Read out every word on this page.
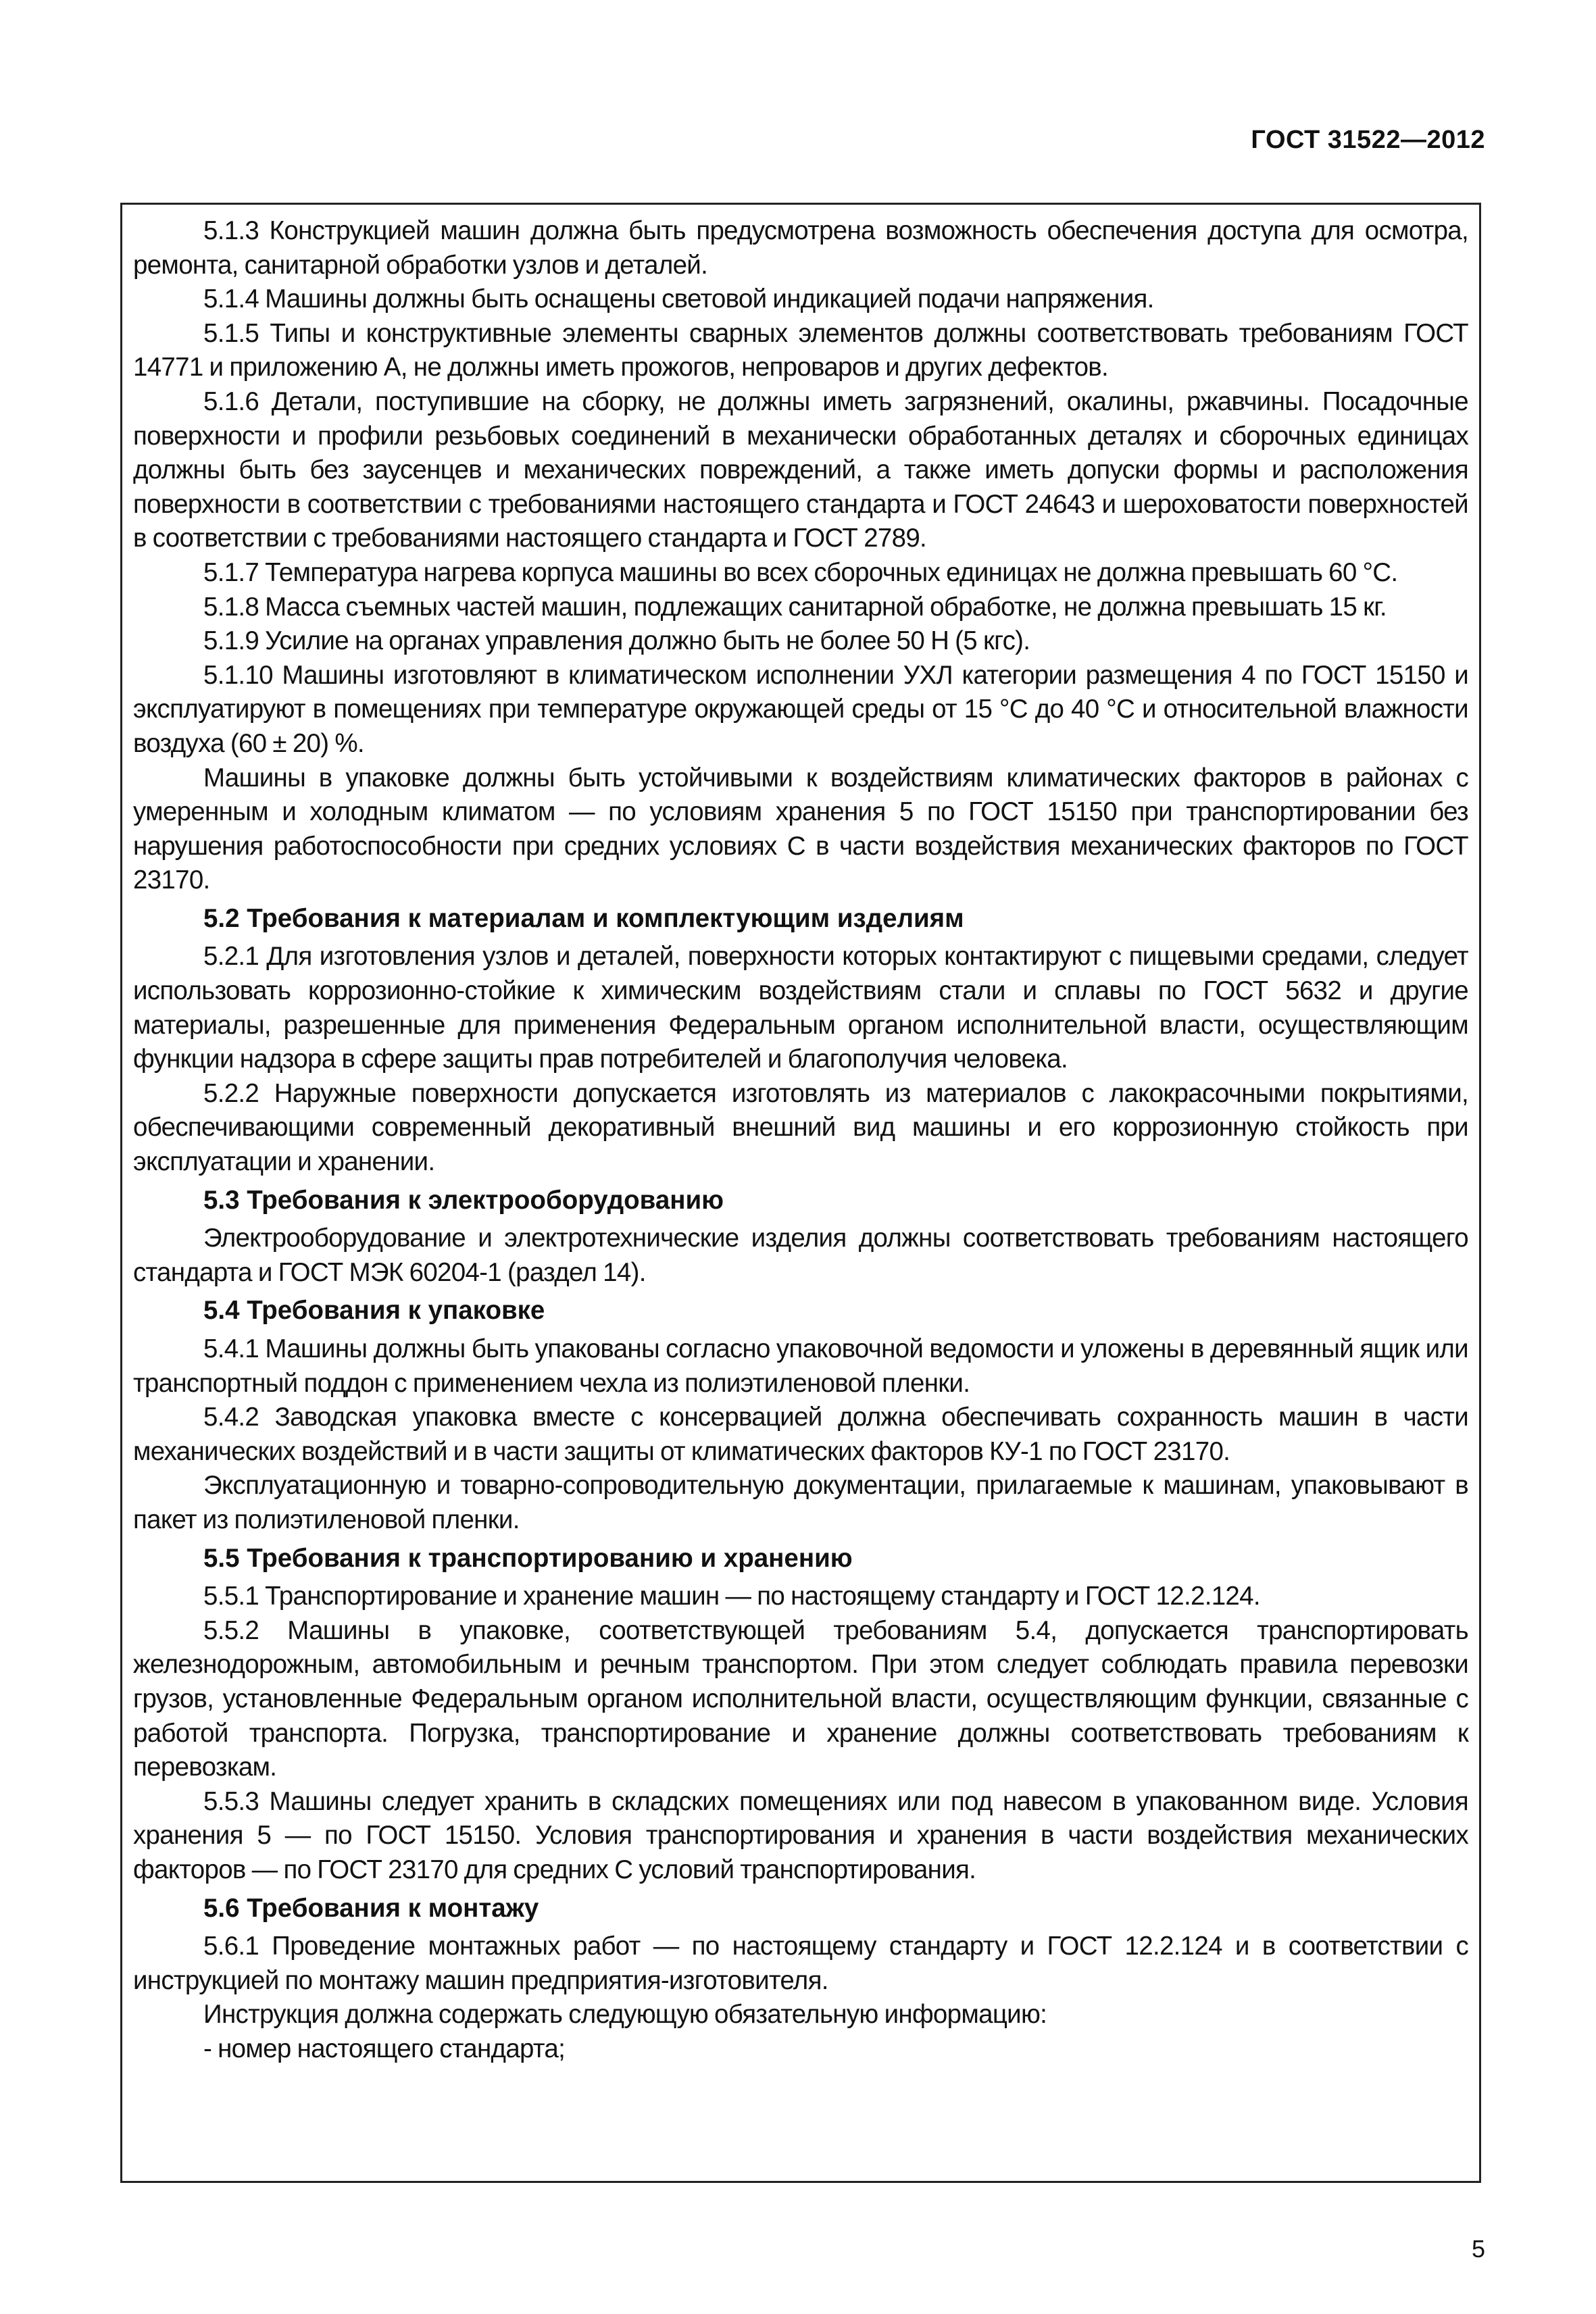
ГОСТ 31522—2012

5.1.3 Конструкцией машин должна быть предусмотрена возможность обеспечения доступа для осмотра, ремонта, санитарной обработки узлов и деталей.

5.1.4 Машины должны быть оснащены световой индикацией подачи напряжения.

5.1.5 Типы и конструктивные элементы сварных элементов должны соответствовать требованиям ГОСТ 14771 и приложению А, не должны иметь прожогов, непроваров и других дефектов.

5.1.6 Детали, поступившие на сборку, не должны иметь загрязнений, окалины, ржавчины. Посадочные поверхности и профили резьбовых соединений в механически обработанных деталях и сборочных единицах должны быть без заусенцев и механических повреждений, а также иметь допуски формы и расположения поверхности в соответствии с требованиями настоящего стандарта и ГОСТ 24643 и шероховатости поверхностей в соответствии с требованиями настоящего стандарта и ГОСТ 2789.

5.1.7 Температура нагрева корпуса машины во всех сборочных единицах не должна превышать 60 °С.

5.1.8 Масса съемных частей машин, подлежащих санитарной обработке, не должна превышать 15 кг.

5.1.9 Усилие на органах управления должно быть не более 50 Н (5 кгс).

5.1.10 Машины изготовляют в климатическом исполнении УХЛ категории размещения 4 по ГОСТ 15150 и эксплуатируют в помещениях при температуре окружающей среды от 15 °С до 40 °С и относительной влажности воздуха (60 ± 20) %.

Машины в упаковке должны быть устойчивыми к воздействиям климатических факторов в районах с умеренным и холодным климатом — по условиям хранения 5 по ГОСТ 15150 при транспортировании без нарушения работоспособности при средних условиях С в части воздействия механических факторов по ГОСТ 23170.

5.2 Требования к материалам и комплектующим изделиям

5.2.1 Для изготовления узлов и деталей, поверхности которых контактируют с пищевыми средами, следует использовать коррозионно-стойкие к химическим воздействиям стали и сплавы по ГОСТ 5632 и другие материалы, разрешенные для применения Федеральным органом исполнительной власти, осуществляющим функции надзора в сфере защиты прав потребителей и благополучия человека.

5.2.2 Наружные поверхности допускается изготовлять из материалов с лакокрасочными покрытиями, обеспечивающими современный декоративный внешний вид машины и его коррозионную стойкость при эксплуатации и хранении.

5.3 Требования к электрооборудованию

Электрооборудование и электротехнические изделия должны соответствовать требованиям настоящего стандарта и ГОСТ МЭК 60204-1 (раздел 14).

5.4 Требования к упаковке

5.4.1 Машины должны быть упакованы согласно упаковочной ведомости и уложены в деревянный ящик или транспортный поддон с применением чехла из полиэтиленовой пленки.

5.4.2 Заводская упаковка вместе с консервацией должна обеспечивать сохранность машин в части механических воздействий и в части защиты от климатических факторов КУ-1 по ГОСТ 23170.

Эксплуатационную и товарно-сопроводительную документации, прилагаемые к машинам, упаковывают в пакет из полиэтиленовой пленки.

5.5 Требования к транспортированию и хранению

5.5.1 Транспортирование и хранение машин — по настоящему стандарту и ГОСТ 12.2.124.

5.5.2 Машины в упаковке, соответствующей требованиям 5.4, допускается транспортировать железнодорожным, автомобильным и речным транспортом. При этом следует соблюдать правила перевозки грузов, установленные Федеральным органом исполнительной власти, осуществляющим функции, связанные с работой транспорта. Погрузка, транспортирование и хранение должны соответствовать требованиям к перевозкам.

5.5.3 Машины следует хранить в складских помещениях или под навесом в упакованном виде. Условия хранения 5 — по ГОСТ 15150. Условия транспортирования и хранения в части воздействия механических факторов — по ГОСТ 23170 для средних С условий транспортирования.

5.6 Требования к монтажу

5.6.1 Проведение монтажных работ — по настоящему стандарту и ГОСТ 12.2.124 и в соответствии с инструкцией по монтажу машин предприятия-изготовителя.

Инструкция должна содержать следующую обязательную информацию:

- номер настоящего стандарта;

5
